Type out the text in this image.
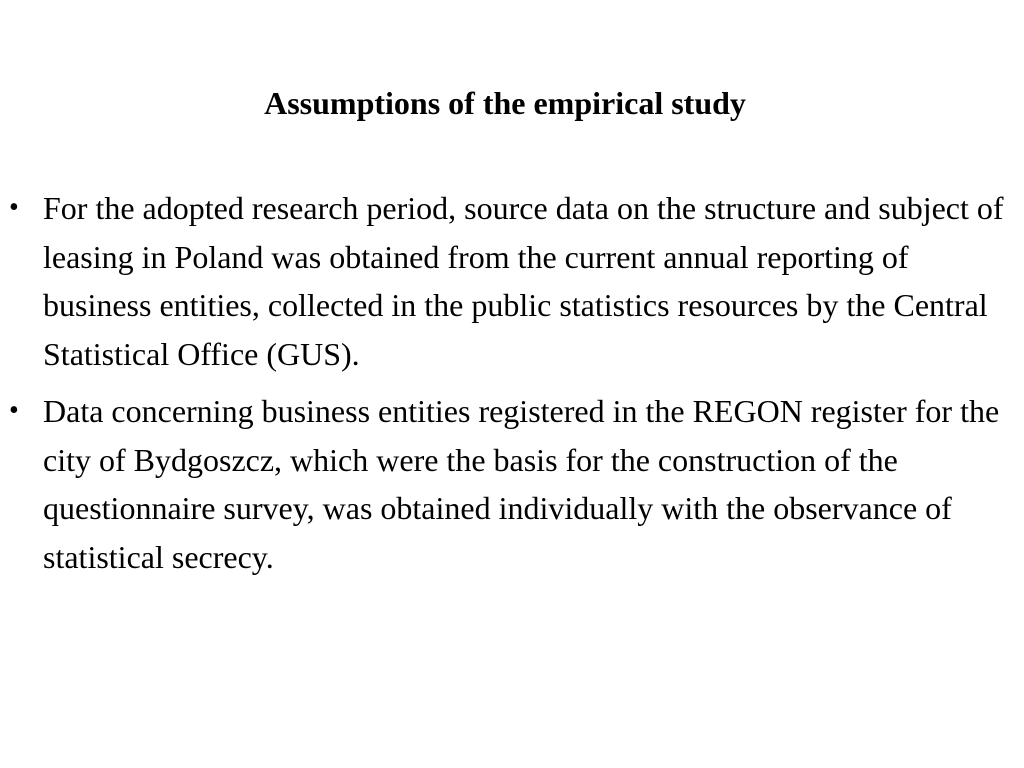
Assumptions of the empirical study
• For the adopted research period, source data on the structure and subject of leasing in Poland was obtained from the current annual reporting of business entities, collected in the public statistics resources by the Central Statistical Office (GUS).
• Data concerning business entities registered in the REGON register for the city of Bydgoszcz, which were the basis for the construction of the questionnaire survey, was obtained individually with the observance of statistical secrecy.
